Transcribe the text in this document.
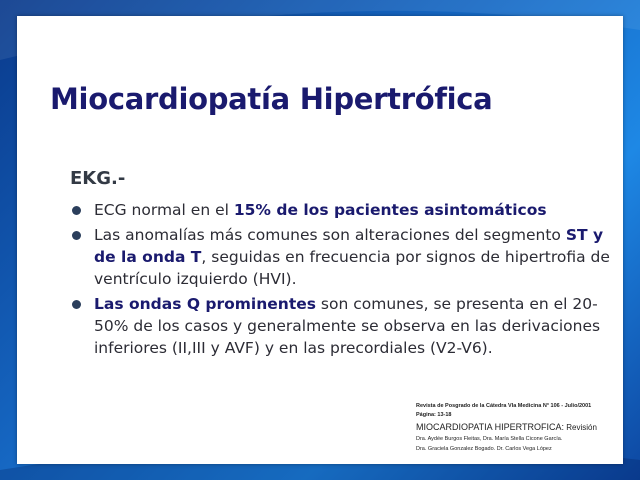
Miocardiopatía Hipertrófica
EKG.-
ECG normal en el 15% de los pacientes asintomáticos
Las anomalías más comunes son alteraciones del segmento ST y de la onda T, seguidas en frecuencia por signos de hipertrofia de ventrículo izquierdo (HVI).
Las ondas Q prominentes son comunes, se presenta en el 20-50% de los casos y generalmente se observa en las derivaciones inferiores (II,III y AVF) y en las precordiales (V2-V6).
Revista de Posgrado de la Cátedra VIa Medicina N° 106 - Julio/2001
Página: 13-18
MIOCARDIOPATIA HIPERTROFICA: Revisión
Dra. Aydée Burgos Fleitas, Dra. María Stella Cicone García.
Dra. Graciela Gonzalez Bogado. Dr. Carlos Vega López
